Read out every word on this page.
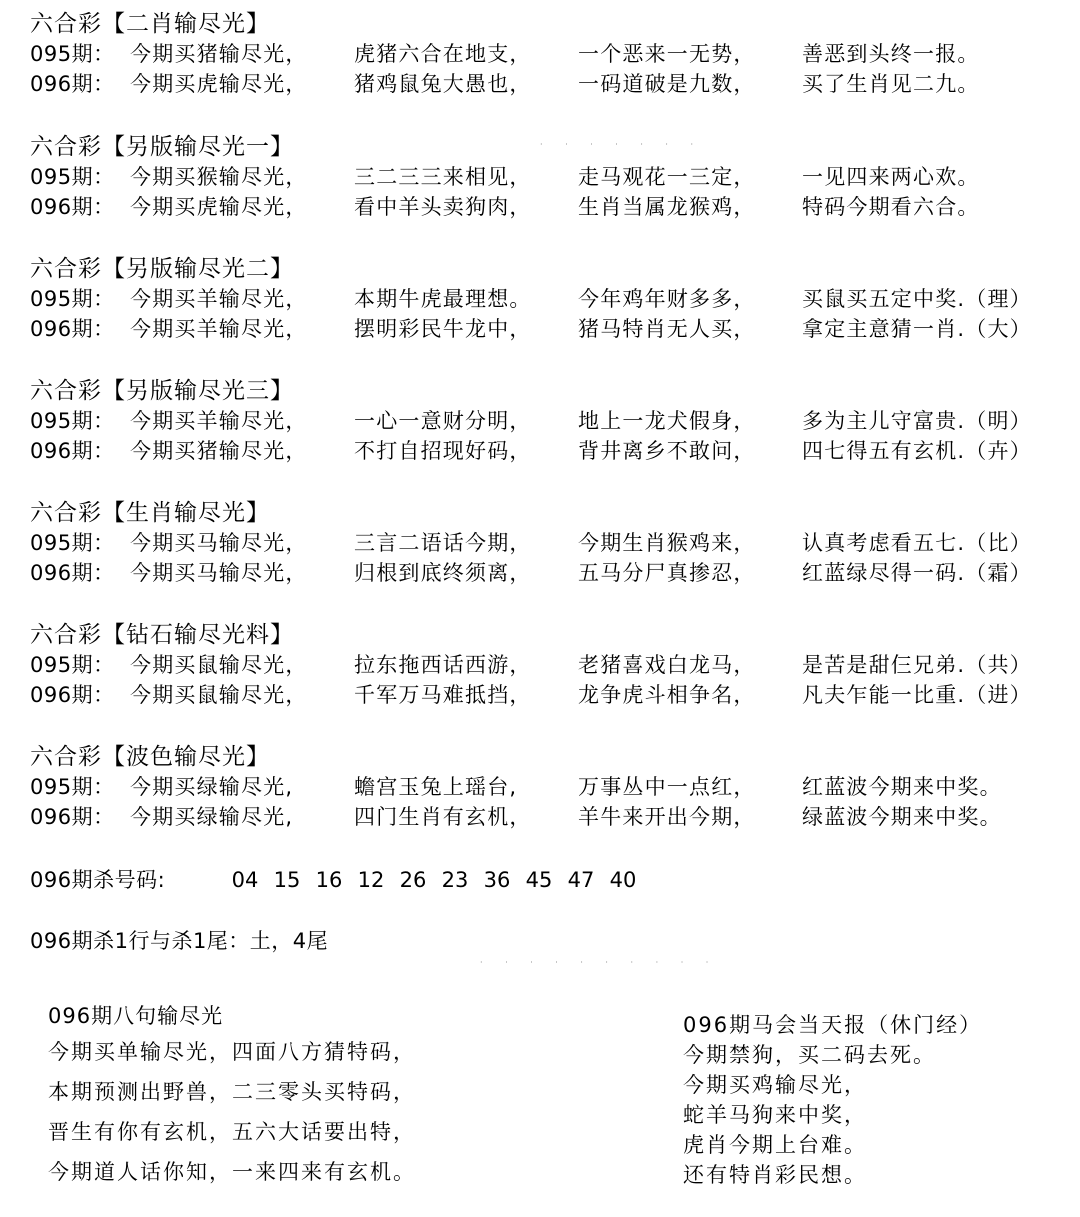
六合彩【二肖输尽光】
095期： 今期买猪输尽光，	虎猪六合在地支，	一个恶来一无势，	善恶到头终一报。
096期： 今期买虎输尽光，	猪鸡鼠兔大愚也，	一码道破是九数，	买了生肖见二九。
六合彩【另版输尽光一】
095期： 今期买猴输尽光，	三二三三来相见，	走马观花一三定，	一见四来两心欢。
096期： 今期买虎输尽光，	看中羊头卖狗肉，	生肖当属龙猴鸡，	特码今期看六合。
六合彩【另版输尽光二】
095期： 今期买羊输尽光，	本期牛虎最理想。	今年鸡年财多多，	买鼠买五定中奖.（理）
096期： 今期买羊输尽光，	摆明彩民牛龙中，	猪马特肖无人买，	拿定主意猜一肖.（大）
六合彩【另版输尽光三】
095期： 今期买羊输尽光，	一心一意财分明，	地上一龙犬假身，	多为主儿守富贵.（明）
096期： 今期买猪输尽光，	不打自招现好码，	背井离乡不敢问，	四七得五有玄机.（卉）
六合彩【生肖输尽光】
095期： 今期买马输尽光，	三言二语话今期，	今期生肖猴鸡来，	认真考虑看五七.（比）
096期： 今期买马输尽光，	归根到底终须离，	五马分尸真掺忍，	红蓝绿尽得一码.（霜）
六合彩【钻石输尽光料】
095期： 今期买鼠输尽光，	拉东拖西话西游，	老猪喜戏白龙马，	是苦是甜仨兄弟.（共）
096期： 今期买鼠输尽光，	千军万马难抵挡，	龙争虎斗相争名，	凡夫乍能一比重.（进）
六合彩【波色输尽光】
095期： 今期买绿输尽光,	蟾宫玉兔上瑶台,	万事丛中一点红，	红蓝波今期来中奖。
096期： 今期买绿输尽光,	四门生肖有玄机，	羊牛来开出今期，	绿蓝波今期来中奖。
096期杀号码:	04 15 16 12 26 23 36 45 47 40
096期杀1行与杀1尾：土，4尾
· · · · · · ·
· · · · · · · · · ·
096期八句输尽光
今期买单输尽光，四面八方猜特码，
本期预测出野兽，二三零头买特码，
晋生有你有玄机，五六大话要出特，
今期道人话你知，一来四来有玄机。
096期马会当天报（休门经）
今期禁狗，买二码去死。
今期买鸡输尽光，
蛇羊马狗来中奖，
虎肖今期上台难。
还有特肖彩民想。
